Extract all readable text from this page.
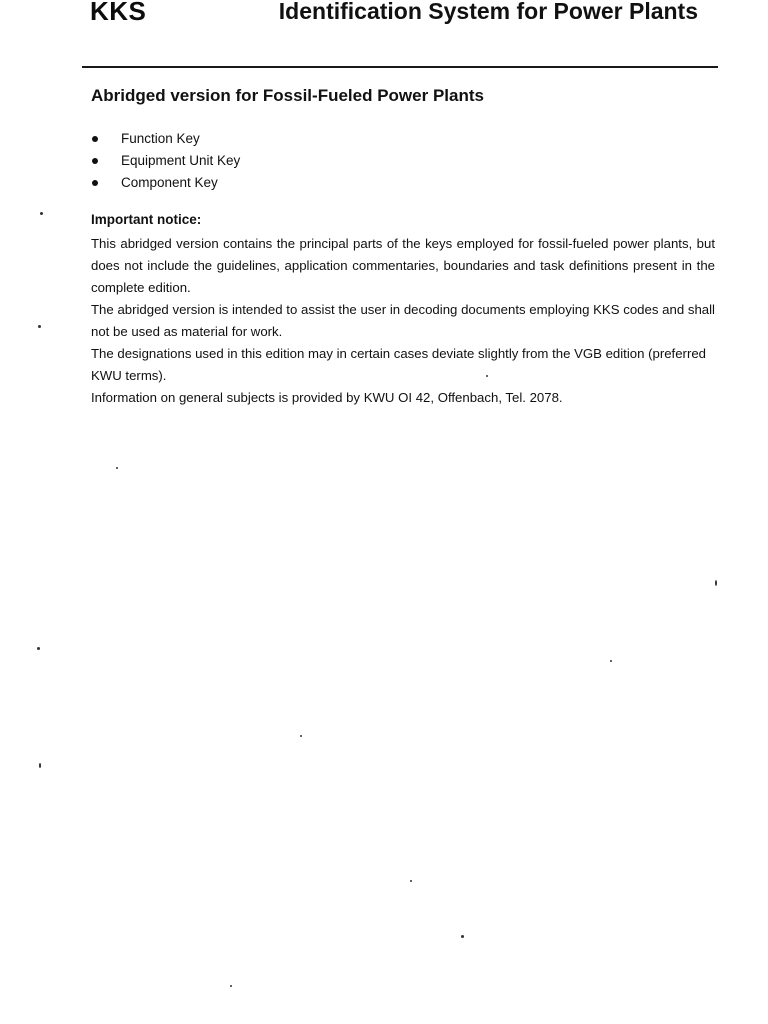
KKS	Identification System for Power Plants
Abridged version for Fossil-Fueled Power Plants
Function Key
Equipment Unit Key
Component Key
Important notice:

This abridged version contains the principal parts of the keys employed for fossil-fueled power plants, but does not include the guidelines, application commentaries, boundaries and task definitions present in the complete edition.

The abridged version is intended to assist the user in decoding documents employing KKS codes and shall not be used as material for work.

The designations used in this edition may in certain cases deviate slightly from the VGB edition (preferred KWU terms).

Information on general subjects is provided by KWU OI 42, Offenbach, Tel. 2078.
